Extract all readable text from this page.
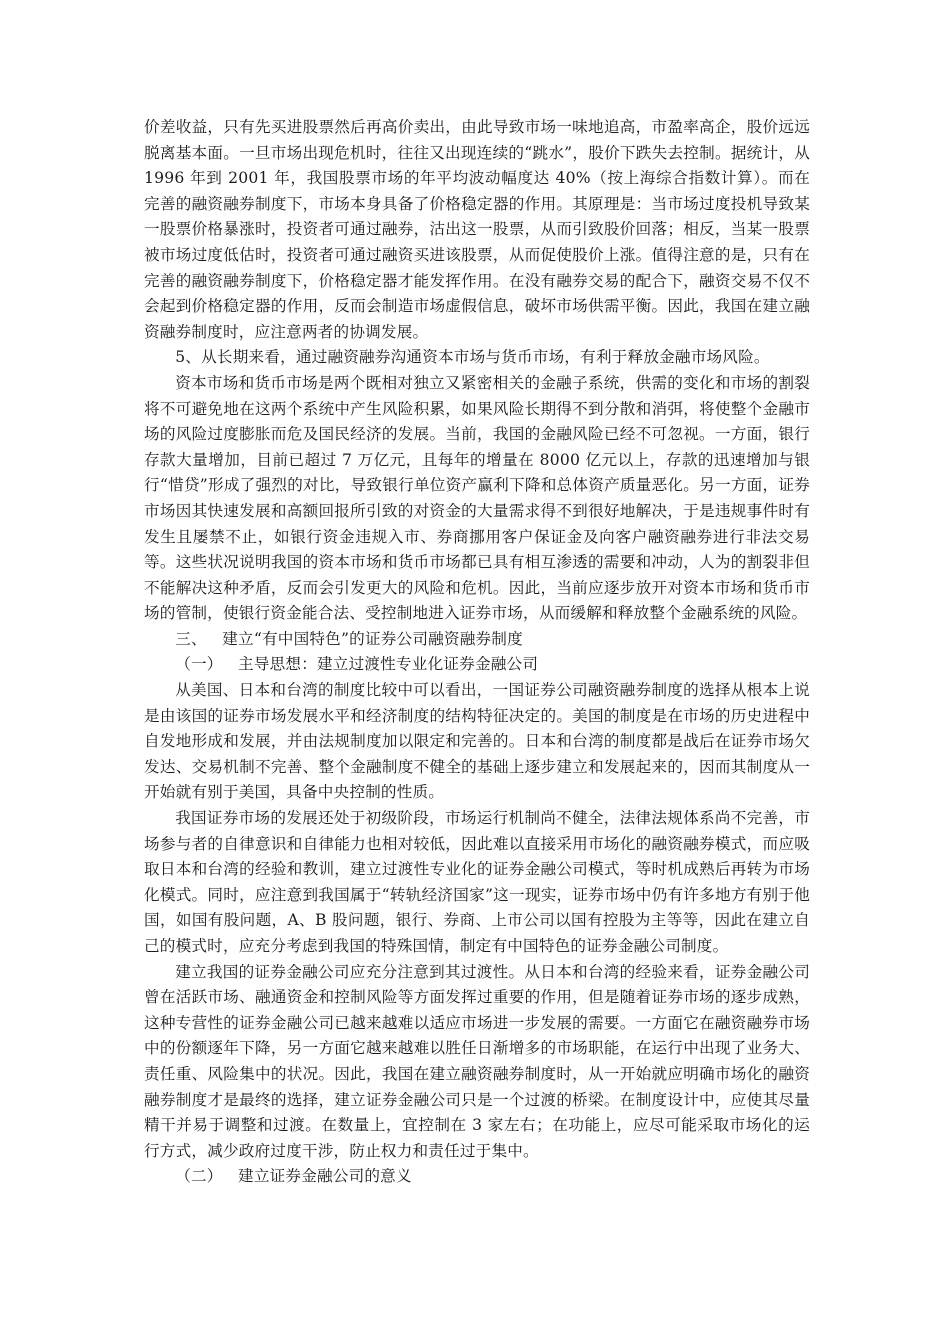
价差收益，只有先买进股票然后再高价卖出，由此导致市场一味地追高，市盈率高企，股价远远脱离基本面。一旦市场出现危机时，往往又出现连续的“跳水”，股价下跌失去控制。据统计，从 1996 年到 2001 年，我国股票市场的年平均波动幅度达 40%（按上海综合指数计算）。而在完善的融资融券制度下，市场本身具备了价格稳定器的作用。其原理是：当市场过度投机导致某一股票价格暴涨时，投资者可通过融券，沽出这一股票，从而引致股价回落；相反，当某一股票被市场过度低估时，投资者可通过融资买进该股票，从而促使股价上涨。值得注意的是，只有在完善的融资融券制度下，价格稳定器才能发挥作用。在没有融券交易的配合下，融资交易不仅不会起到价格稳定器的作用，反而会制造市场虚假信息，破坏市场供需平衡。因此，我国在建立融资融券制度时，应注意两者的协调发展。

5、从长期来看，通过融资融券沟通资本市场与货币市场，有利于释放金融市场风险。

资本市场和货币市场是两个既相对独立又紧密相关的金融子系统，供需的变化和市场的割裂将不可避免地在这两个系统中产生风险积累，如果风险长期得不到分散和消弭，将使整个金融市场的风险过度膨胀而危及国民经济的发展。当前，我国的金融风险已经不可忽视。一方面，银行存款大量增加，目前已超过 7 万亿元，且每年的增量在 8000 亿元以上，存款的迅速增加与银行“惜贷”形成了强烈的对比，导致银行单位资产赢利下降和总体资产质量恶化。另一方面，证券市场因其快速发展和高额回报所引致的对资金的大量需求得不到很好地解决，于是违规事件时有发生且屡禁不止，如银行资金违规入市、券商挪用客户保证金及向客户融资融券进行非法交易等。这些状况说明我国的资本市场和货币市场都已具有相互渗透的需要和冲动，人为的割裂非但不能解决这种矛盾，反而会引发更大的风险和危机。因此，当前应逐步放开对资本市场和货币市场的管制，使银行资金能合法、受控制地进入证券市场，从而缓解和释放整个金融系统的风险。

三、   建立“有中国特色”的证券公司融资融券制度

（一）   主导思想：建立过渡性专业化证券金融公司

从美国、日本和台湾的制度比较中可以看出，一国证券公司融资融券制度的选择从根本上说是由该国的证券市场发展水平和经济制度的结构特征决定的。美国的制度是在市场的历史进程中自发地形成和发展，并由法规制度加以限定和完善的。日本和台湾的制度都是战后在证券市场欠发达、交易机制不完善、整个金融制度不健全的基础上逐步建立和发展起来的，因而其制度从一开始就有别于美国，具备中央控制的性质。

我国证券市场的发展还处于初级阶段，市场运行机制尚不健全，法律法规体系尚不完善，市场参与者的自律意识和自律能力也相对较低，因此难以直接采用市场化的融资融券模式，而应吸取日本和台湾的经验和教训，建立过渡性专业化的证券金融公司模式，等时机成熟后再转为市场化模式。同时，应注意到我国属于“转轨经济国家”这一现实，证券市场中仍有许多地方有别于他国，如国有股问题，A、B 股问题，银行、券商、上市公司以国有控股为主等等，因此在建立自己的模式时，应充分考虑到我国的特殊国情，制定有中国特色的证券金融公司制度。

建立我国的证券金融公司应充分注意到其过渡性。从日本和台湾的经验来看，证券金融公司曾在活跃市场、融通资金和控制风险等方面发挥过重要的作用，但是随着证券市场的逐步成熟，这种专营性的证券金融公司已越来越难以适应市场进一步发展的需要。一方面它在融资融券市场中的份额逐年下降，另一方面它越来越难以胜任日渐增多的市场职能，在运行中出现了业务大、责任重、风险集中的状况。因此，我国在建立融资融券制度时，从一开始就应明确市场化的融资融券制度才是最终的选择，建立证券金融公司只是一个过渡的桥梁。在制度设计中，应使其尽量精干并易于调整和过渡。在数量上，宜控制在 3 家左右；在功能上，应尽可能采取市场化的运行方式，减少政府过度干涉，防止权力和责任过于集中。

（二）   建立证券金融公司的意义
